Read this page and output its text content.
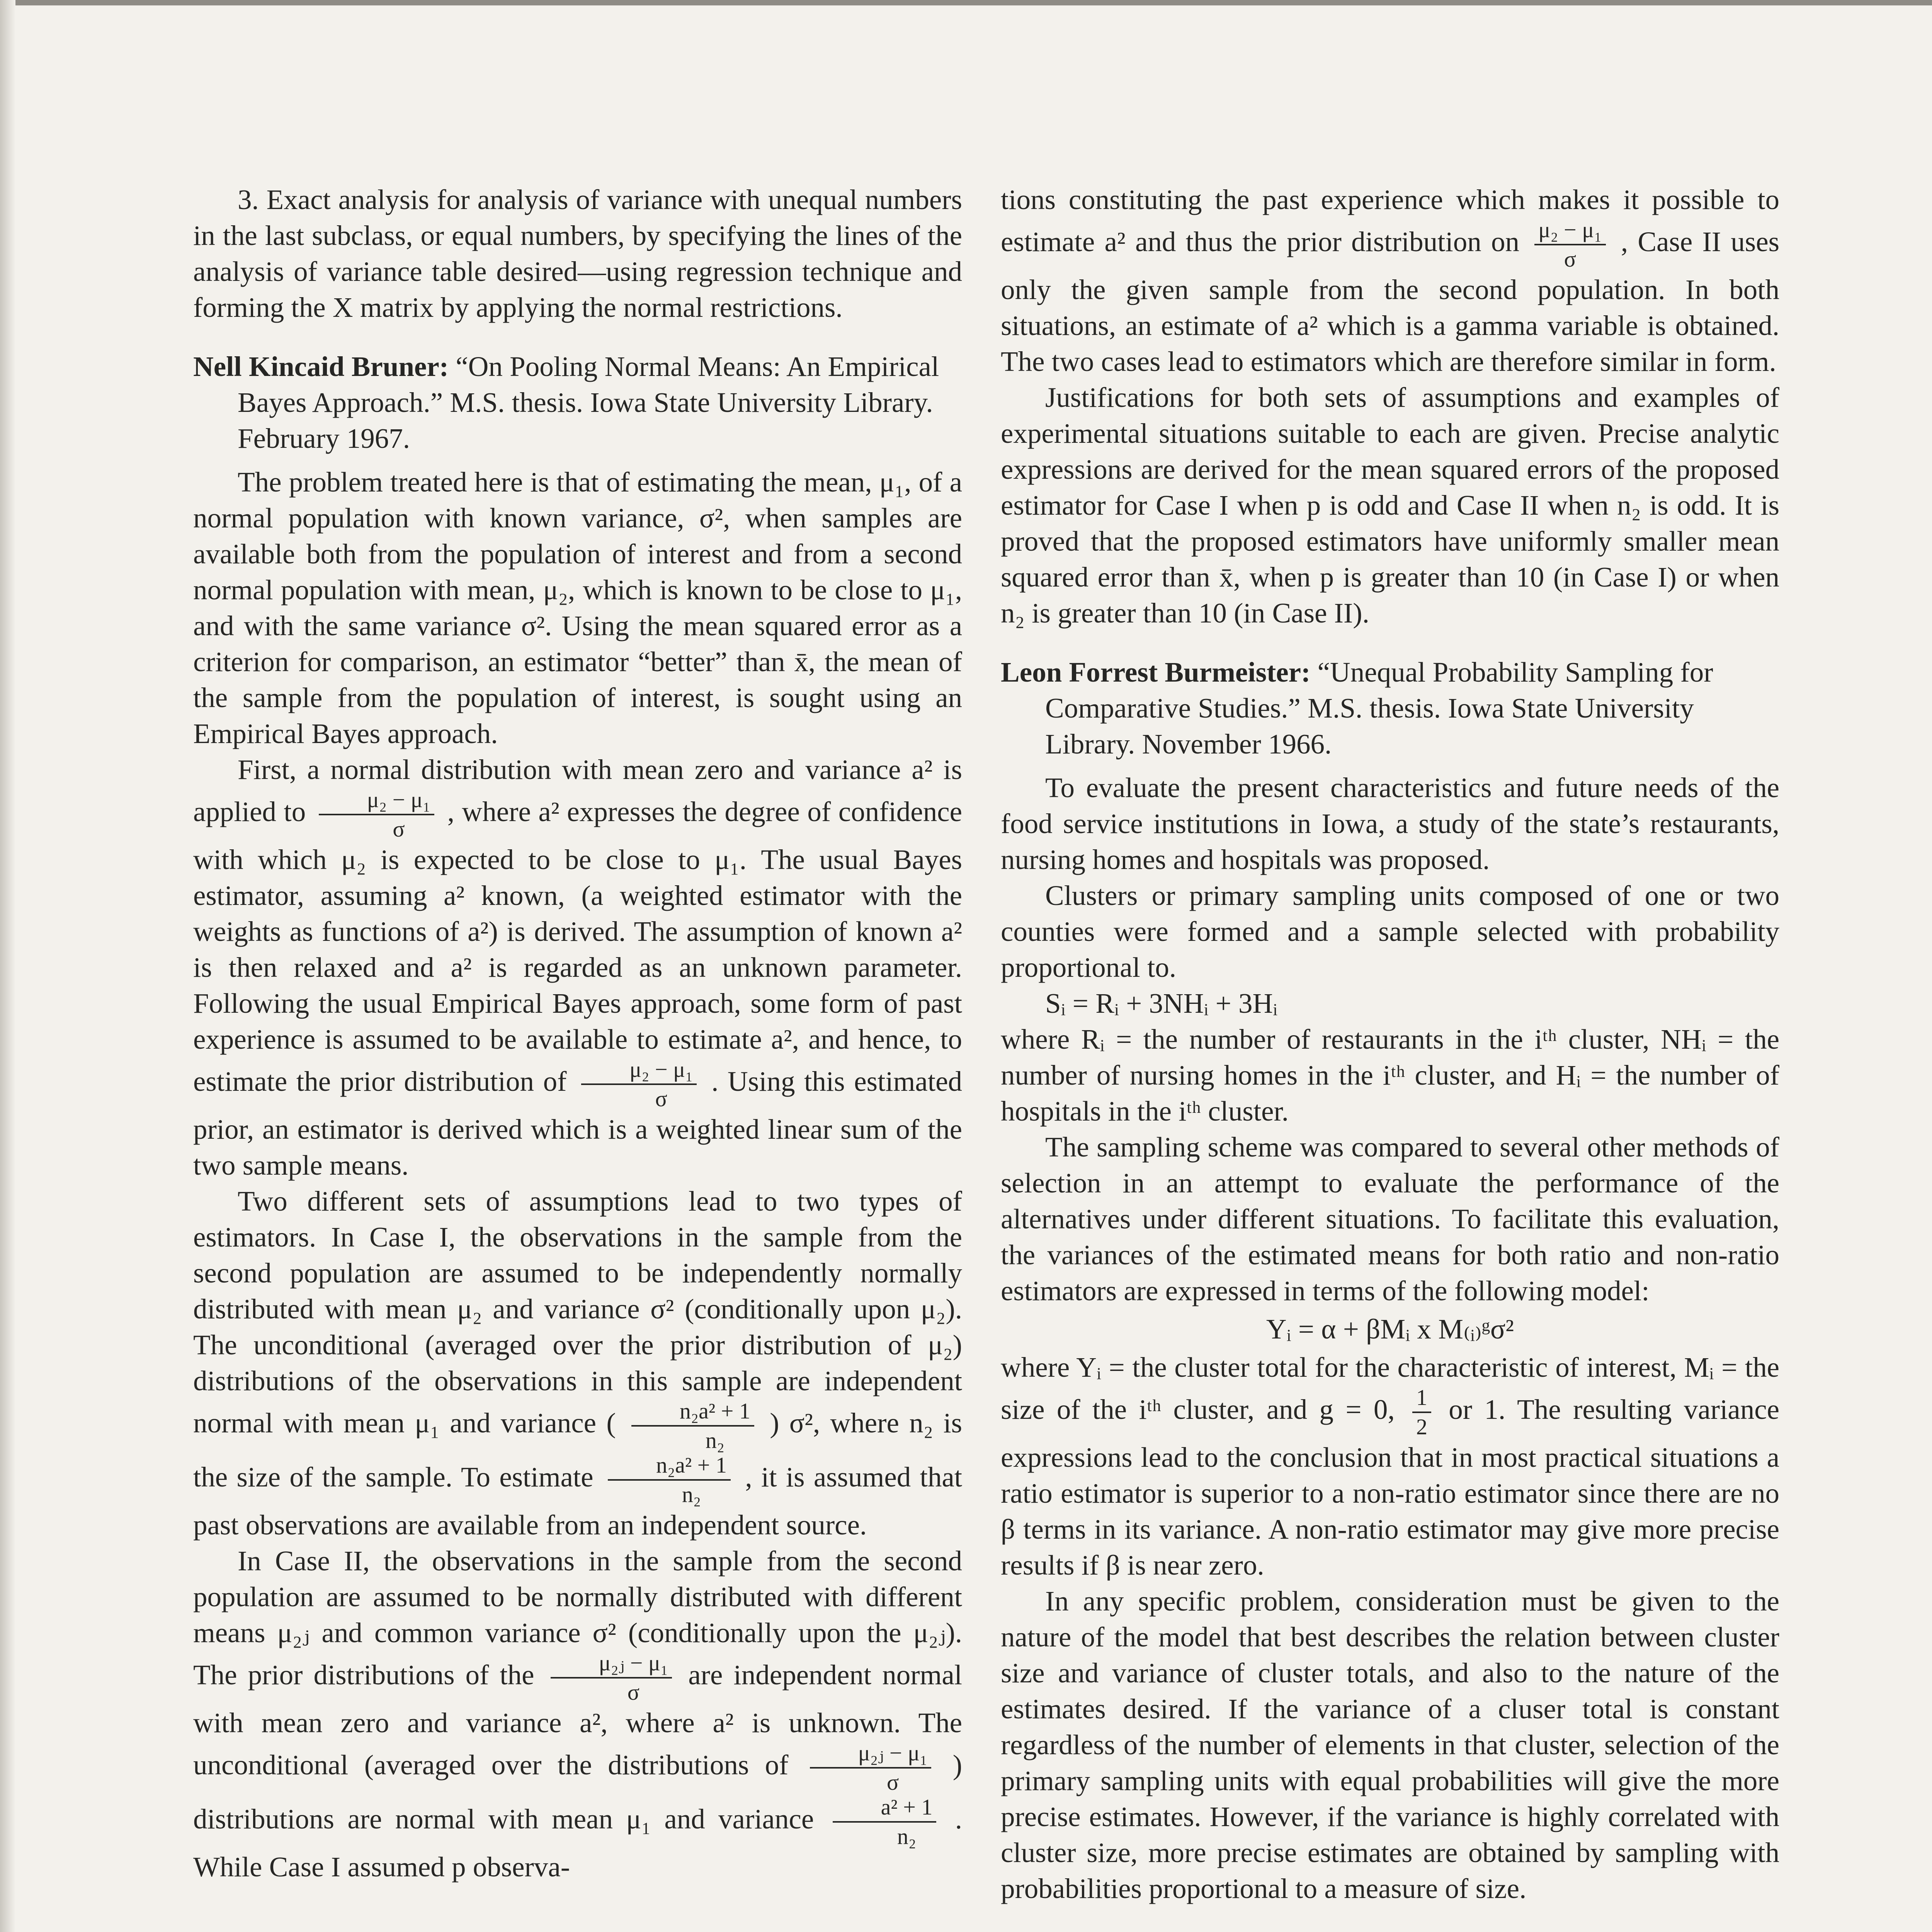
3. Exact analysis for analysis of variance with unequal numbers in the last subclass, or equal numbers, by specifying the lines of the analysis of variance table desired—using regression technique and forming the X matrix by applying the normal restrictions.

Nell Kincaid Bruner: “On Pooling Normal Means: An Empirical Bayes Approach.” M.S. thesis. Iowa State University Library. February 1967.

The problem treated here is that of estimating the mean, μ₁, of a normal population with known variance, σ², when samples are available both from the population of interest and from a second normal population with mean, μ₂, which is known to be close to μ₁, and with the same variance σ². Using the mean squared error as a criterion for comparison, an estimator “better” than x̄, the mean of the sample from the population of interest, is sought using an Empirical Bayes approach.

First, a normal distribution with mean zero and variance a² is applied to $\frac{\text{μ₂ − μ₁}}{\sigma}$ , where a² expresses the degree of confidence with which μ₂ is expected to be close to μ₁. The usual Bayes estimator, assuming a² known, (a weighted estimator with the weights as functions of a²) is derived. The assumption of known a² is then relaxed and a² is regarded as an unknown parameter. Following the usual Empirical Bayes approach, some form of past experience is assumed to be available to estimate a², and hence, to estimate the prior distribution of $\frac{\text{μ₂ − μ₁}}{\sigma}$ . Using this estimated prior, an estimator is derived which is a weighted linear sum of the two sample means.

Two different sets of assumptions lead to two types of estimators. In Case I, the observations in the sample from the second population are assumed to be independently normally distributed with mean μ₂ and variance σ² (conditionally upon μ₂). The unconditional (averaged over the prior distribution of μ₂) distributions of the observations in this sample are independent normal with mean μ₁ and variance ( $\frac{\text{n₂a² + 1}}{\text{n₂}}$ ) σ², where n₂ is the size of the sample. To estimate $\frac{\text{n₂a² + 1}}{\text{n₂}}$ , it is assumed that past observations are available from an independent source.

In Case II, the observations in the sample from the second population are assumed to be normally distributed with different means μ₂ⱼ and common variance σ² (conditionally upon the μ₂ⱼ). The prior distributions of the $\frac{\text{μ₂ⱼ − μ₁}}{\sigma}$ are independent normal with mean zero and variance a², where a² is unknown. The unconditional (averaged over the distributions of $\frac{\text{μ₂ⱼ − μ₁}}{\sigma}$ ) distributions are normal with mean μ₁ and variance $\frac{\text{a² + 1}}{\text{n₂}}$ . While Case I assumed p observa-

tions constituting the past experience which makes it possible to estimate a² and thus the prior distribution on $\frac{\text{μ₂ − μ₁}}{\sigma}$ , Case II uses only the given sample from the second population. In both situations, an estimate of a² which is a gamma variable is obtained. The two cases lead to estimators which are therefore similar in form.

Justifications for both sets of assumptions and examples of experimental situations suitable to each are given. Precise analytic expressions are derived for the mean squared errors of the proposed estimator for Case I when p is odd and Case II when n₂ is odd. It is proved that the proposed estimators have uniformly smaller mean squared error than x̄, when p is greater than 10 (in Case I) or when n₂ is greater than 10 (in Case II).

Leon Forrest Burmeister: “Unequal Probability Sampling for Comparative Studies.” M.S. thesis. Iowa State University Library. November 1966.

To evaluate the present characteristics and future needs of the food service institutions in Iowa, a study of the state’s restaurants, nursing homes and hospitals was proposed.

Clusters or primary sampling units composed of one or two counties were formed and a sample selected with probability proportional to.

Sᵢ = Rᵢ + 3NHᵢ + 3Hᵢ

where Rᵢ = the number of restaurants in the iᵗʰ cluster, NHᵢ = the number of nursing homes in the iᵗʰ cluster, and Hᵢ = the number of hospitals in the iᵗʰ cluster.

The sampling scheme was compared to several other methods of selection in an attempt to evaluate the performance of the alternatives under different situations. To facilitate this evaluation, the variances of the estimated means for both ratio and non-ratio estimators are expressed in terms of the following model:

Yᵢ = α + βMᵢ x M₍ᵢ₎ᵍσ²

where Yᵢ = the cluster total for the characteristic of interest, Mᵢ = the size of the iᵗʰ cluster, and g = 0, $\frac{1}{2}$ or 1. The resulting variance expressions lead to the conclusion that in most practical situations a ratio estimator is superior to a non-ratio estimator since there are no β terms in its variance. A non-ratio estimator may give more precise results if β is near zero.

In any specific problem, consideration must be given to the nature of the model that best describes the relation between cluster size and variance of cluster totals, and also to the nature of the estimates desired. If the variance of a cluser total is constant regardless of the number of elements in that cluster, selection of the primary sampling units with equal probabilities will give the more precise estimates. However, if the variance is highly correlated with cluster size, more precise estimates are obtained by sampling with probabilities proportional to a measure of size.
